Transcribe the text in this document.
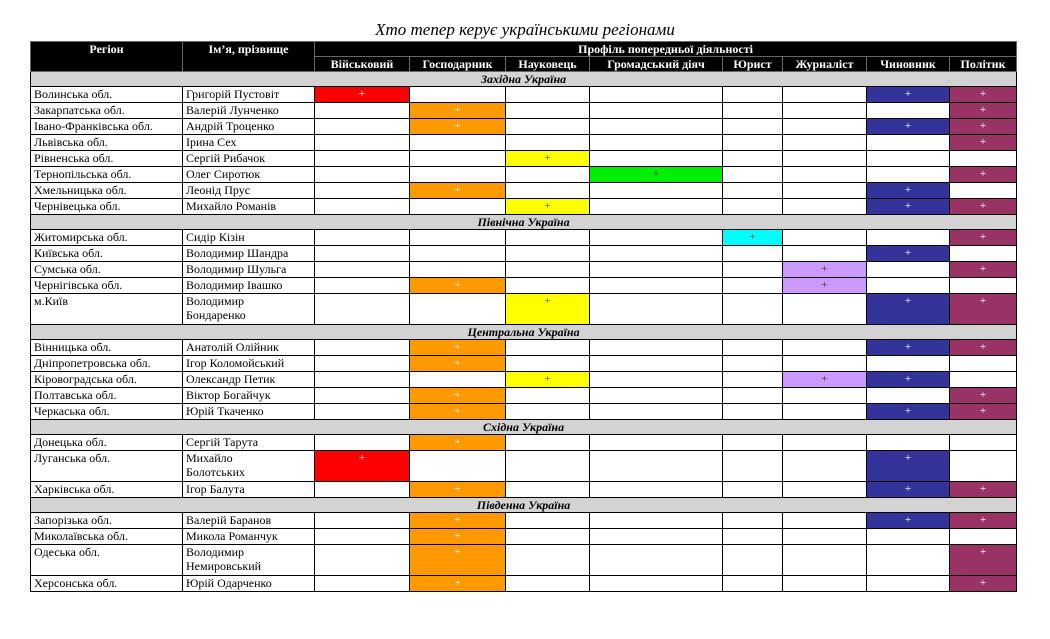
Хто тепер керує українськими регіонами
Регіон	Ім’я, прізвище	Профіль попередньої діяльності							
		Військовий	Господарник	Науковець	Громадський діяч	Юрист	Журналіст	Чиновник	Політик
Західна Україна									
Волинська обл.	Григорій Пустовіт	+						+	+
Закарпатська обл.	Валерій Лунченко		+						+
Івано-Франківська обл.	Андрій Троценко		+					+	+
Львівська обл.	Ірина Сех								+
Рівненська обл.	Сергій Рибачок			+					
Тернопільська обл.	Олег Сиротюк				+				+
Хмельницька обл.	Леонід Прус		+					+	
Чернівецька обл.	Михайло Романів			+				+	+
Північна Україна									
Житомирська обл.	Сидір Кізін					+			+
Київська обл.	Володимир Шандра							+	
Сумська обл.	Володимир Шульга						+		+
Чернігівська обл.	Володимир Івашко		+				+		
м.Київ	Володимир
Бондаренко			+				+	+
Центральна Україна									
Вінницька обл.	Анатолій Олійник		+					+	+
Дніпропетровська обл.	Ігор Коломойський		+						
Кіровоградська обл.	Олександр Петик			+			+	+	
Полтавська обл.	Віктор Богайчук		+						+
Черкаська обл.	Юрій Ткаченко		+					+	+
Східна Україна									
Донецька обл.	Сергій Тарута		+						
Луганська обл.	Михайло
Болотських	+						+	
Харківська обл.	Ігор Балута		+					+	+
Південна Україна									
Запорізька обл.	Валерій Баранов		+					+	+
Миколаївська обл.	Микола Романчук		+						
Одеська обл.	Володимир
Немировський		+						+
Херсонська обл.	Юрій Одарченко		+						+
